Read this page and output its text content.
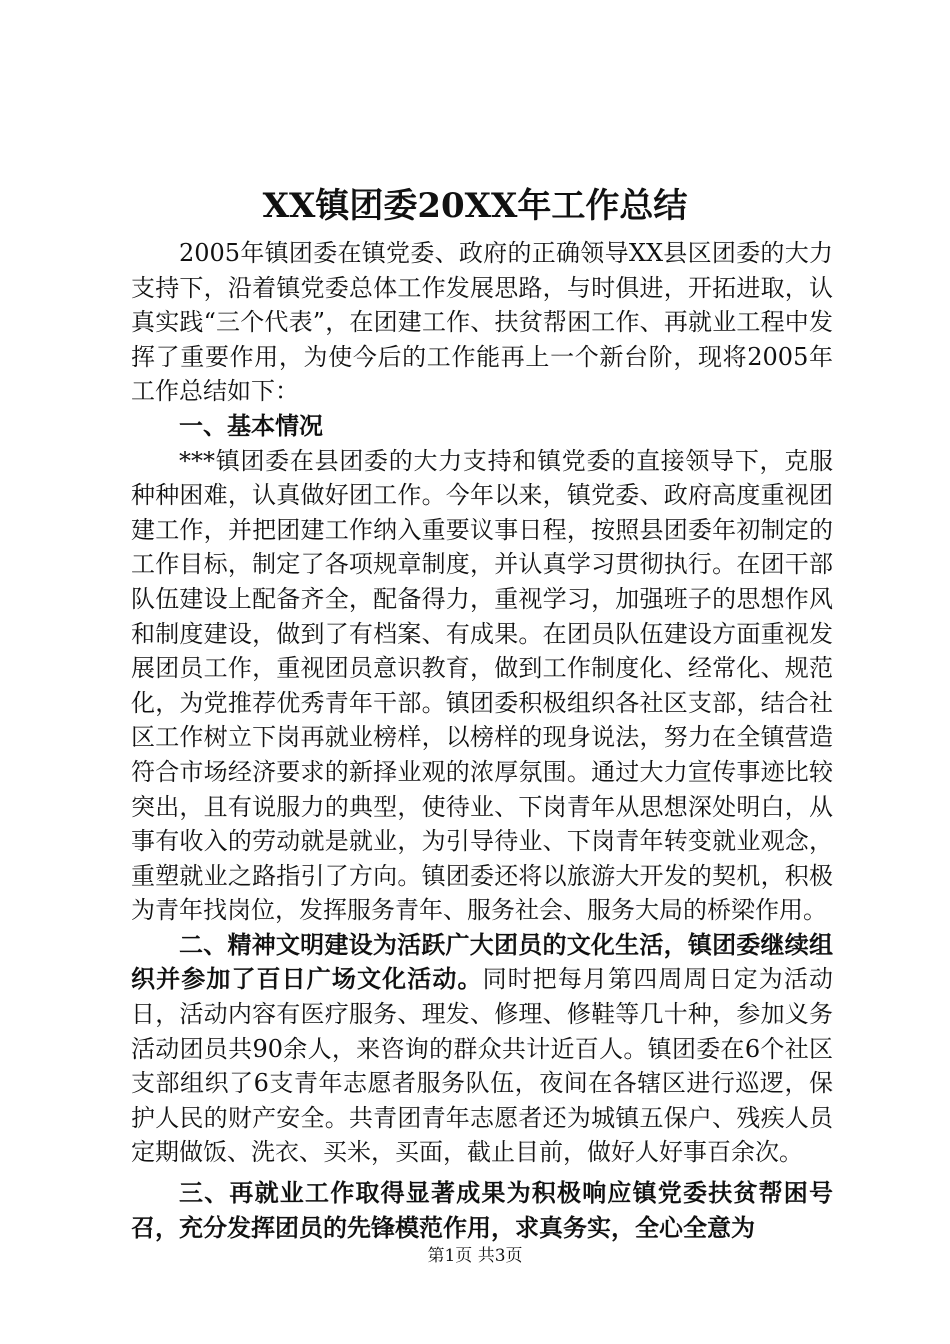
XX镇团委20XX年工作总结

2005年镇团委在镇党委、政府的正确领导XX县区团委的大力支持下，沿着镇党委总体工作发展思路，与时俱进，开拓进取，认真实践“三个代表”，在团建工作、扶贫帮困工作、再就业工程中发挥了重要作用，为使今后的工作能再上一个新台阶，现将2005年工作总结如下：

一、基本情况

***镇团委在县团委的大力支持和镇党委的直接领导下，克服种种困难，认真做好团工作。今年以来，镇党委、政府高度重视团建工作，并把团建工作纳入重要议事日程，按照县团委年初制定的工作目标，制定了各项规章制度，并认真学习贯彻执行。在团干部队伍建设上配备齐全，配备得力，重视学习，加强班子的思想作风和制度建设，做到了有档案、有成果。在团员队伍建设方面重视发展团员工作，重视团员意识教育，做到工作制度化、经常化、规范化，为党推荐优秀青年干部。镇团委积极组织各社区支部，结合社区工作树立下岗再就业榜样，以榜样的现身说法，努力在全镇营造符合市场经济要求的新择业观的浓厚氛围。通过大力宣传事迹比较突出，且有说服力的典型，使待业、下岗青年从思想深处明白，从事有收入的劳动就是就业，为引导待业、下岗青年转变就业观念，重塑就业之路指引了方向。镇团委还将以旅游大开发的契机，积极为青年找岗位，发挥服务青年、服务社会、服务大局的桥梁作用。

二、精神文明建设为活跃广大团员的文化生活，镇团委继续组织并参加了百日广场文化活动。同时把每月第四周周日定为活动日，活动内容有医疗服务、理发、修理、修鞋等几十种，参加义务活动团员共90余人，来咨询的群众共计近百人。镇团委在6个社区支部组织了6支青年志愿者服务队伍，夜间在各辖区进行巡逻，保护人民的财产安全。共青团青年志愿者还为城镇五保户、残疾人员定期做饭、洗衣、买米，买面，截止目前，做好人好事百余次。

三、再就业工作取得显著成果为积极响应镇党委扶贫帮困号召，充分发挥团员的先锋模范作用，求真务实，全心全意为

第1页 共3页
